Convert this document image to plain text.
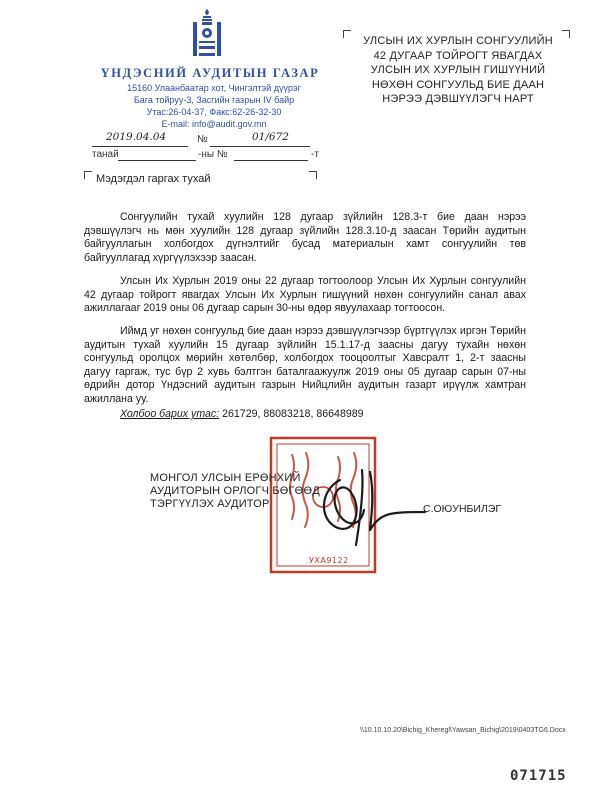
ҮНДЭСНИЙ АУДИТЫН ГАЗАР
15160 Улаанбаатар хот, Чингэлтэй дүүрэг
Бага тойруу-3, Засгийн газрын IV байр
Утас:26-04-37, Факс:62-26-32-30
E-mail: info@audit.gov.mn
УЛСЫН ИХ ХУРЛЫН СОНГУУЛИЙН
42 ДУГААР ТОЙРОГТ ЯВАГДАХ
УЛСЫН ИХ ХУРЛЫН ГИШҮҮНИЙ
НӨХӨН СОНГУУЛЬД БИЕ ДААН
НЭРЭЭ ДЭВШҮҮЛЭГЧ НАРТ
2019.04.04	№	01/672
танай	-ны №	-т
Мэдэгдэл гаргах тухай
Сонгуулийн тухай хуулийн 128 дугаар зүйлийн 128.3-т бие даан нэрээ дэвшүүлэгч нь мөн хуулийн 128 дугаар зүйлийн 128.3.10-д заасан Төрийн аудитын байгууллагын холбогдох дүгнэлтийг бусад материалын хамт сонгуулийн төв байгууллагад хүргүүлэхээр заасан.
Улсын Их Хурлын 2019 оны 22 дугаар тогтоолоор Улсын Их Хурлын сонгуулийн 42 дугаар тойрогт явагдах Улсын Их Хурлын гишүүний нөхөн сонгуулийн санал авах ажиллагааг 2019 оны 06 дугаар сарын 30-ны өдөр явуулахаар тогтоосон.
Иймд уг нөхөн сонгуульд бие даан нэрээ дэвшүүлэгчээр бүртгүүлэх иргэн Төрийн аудитын тухай хуулийн 15 дугаар зүйлийн 15.1.17-д заасны дагуу тухайн нөхөн сонгуульд оролцох мөрийн хөтөлбөр, холбогдох тооцоолтыг Хавсралт 1, 2-т заасны дагуу гаргаж, тус бүр 2 хувь бэлтгэн баталгаажуулж 2019 оны 05 дугаар сарын 07-ны өдрийн дотор Үндэсний аудитын газрын Нийцлийн аудитын газарт ирүүлж хамтран ажиллана уу.
Холбоо барих утас: 261729, 88083218, 86648989
УХА9122
МОНГОЛ УЛСЫН ЕРӨНХИЙ
АУДИТОРЫН ОРЛОГЧ БӨГӨӨД
ТЭРГҮҮЛЭХ АУДИТОР	С.ОЮУНБИЛЭГ
\\10.10.10.20\Bichig_Kheregl\Yawsan_Bichig\2019\0403TG6.Docx
071715
